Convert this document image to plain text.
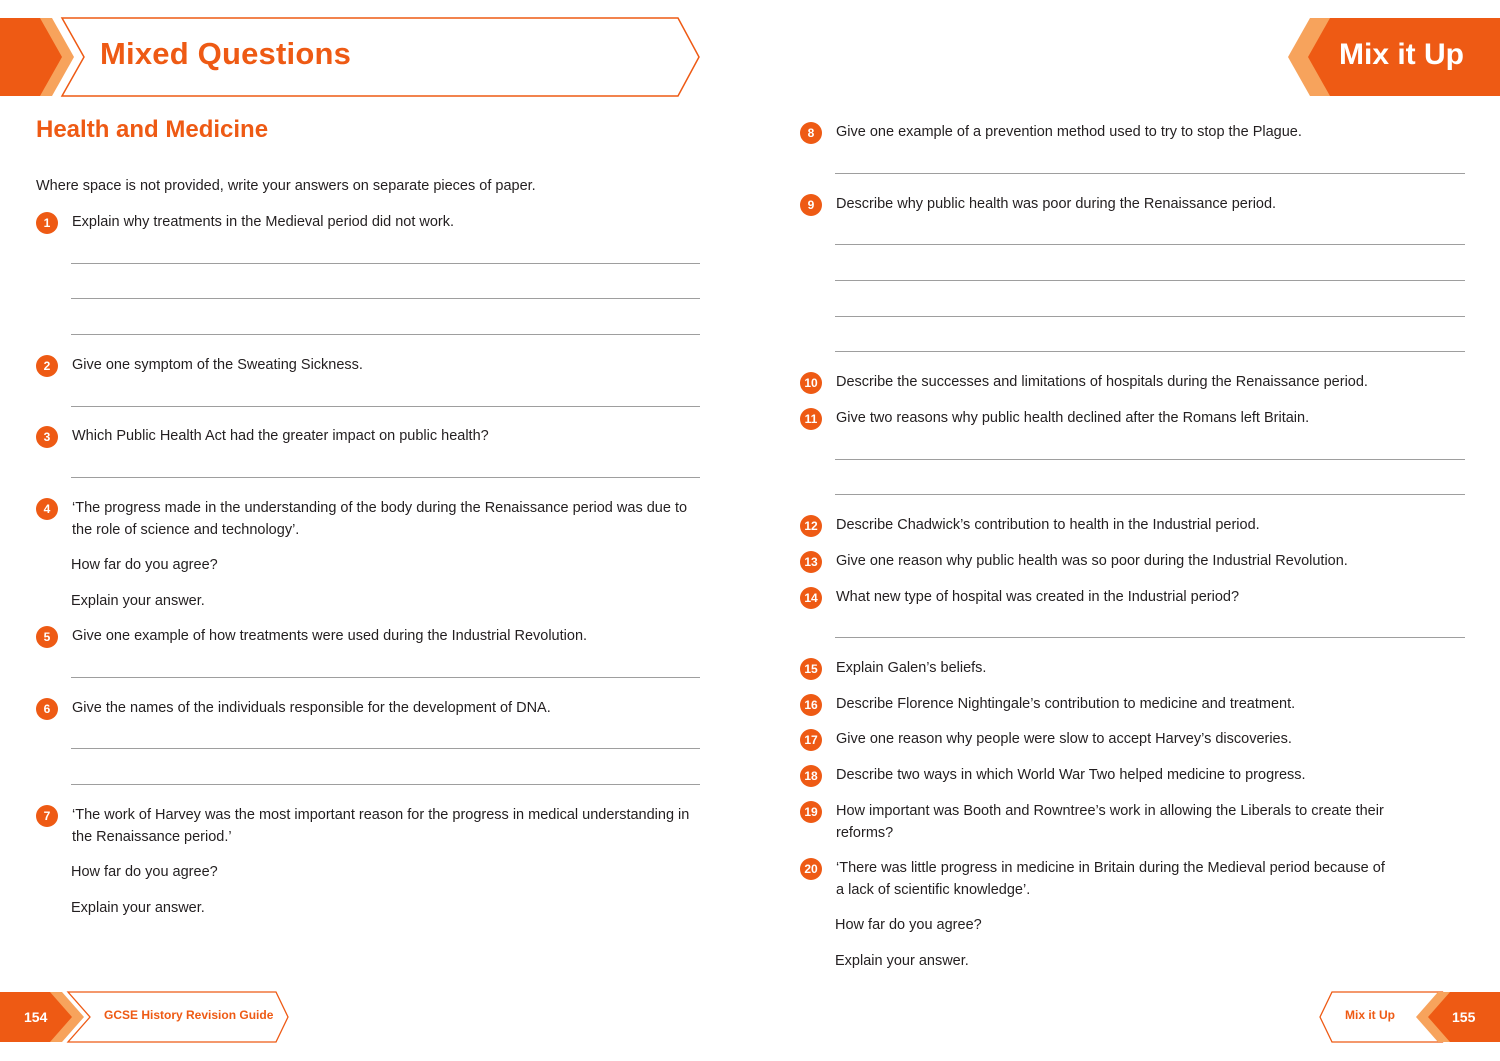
Mixed Questions	Mix it Up
Health and Medicine
Where space is not provided, write your answers on separate pieces of paper.
1	Explain why treatments in the Medieval period did not work.
2	Give one symptom of the Sweating Sickness.
3	Which Public Health Act had the greater impact on public health?
4	‘The progress made in the understanding of the body during the Renaissance period was due to the role of science and technology’.
How far do you agree?
Explain your answer.
5	Give one example of how treatments were used during the Industrial Revolution.
6	Give the names of the individuals responsible for the development of DNA.
7	‘The work of Harvey was the most important reason for the progress in medical understanding in the Renaissance period.’
How far do you agree?
Explain your answer.
8	Give one example of a prevention method used to try to stop the Plague.
9	Describe why public health was poor during the Renaissance period.
10 Describe the successes and limitations of hospitals during the Renaissance period.
11	Give two reasons why public health declined after the Romans left Britain.
12 Describe Chadwick’s contribution to health in the Industrial period.
13 Give one reason why public health was so poor during the Industrial Revolution.
14 What new type of hospital was created in the Industrial period?
15 Explain Galen’s beliefs.
16 Describe Florence Nightingale’s contribution to medicine and treatment.
17 Give one reason why people were slow to accept Harvey’s discoveries.
18 Describe two ways in which World War Two helped medicine to progress.
19 How important was Booth and Rowntree’s work in allowing the Liberals to create their reforms?
20 ‘There was little progress in medicine in Britain during the Medieval period because of a lack of scientific knowledge’.
How far do you agree?
Explain your answer.
154	GCSE History Revision Guide	Mix it Up	155
